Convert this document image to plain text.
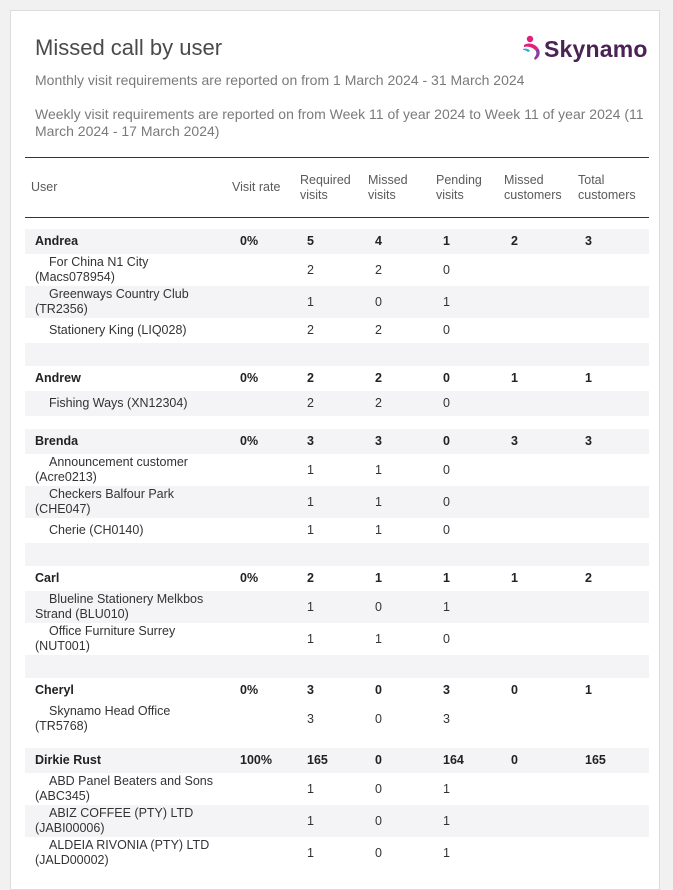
Missed call by user	Skynamo
Monthly visit requirements are reported on from 1 March 2024 - 31 March 2024
Weekly visit requirements are reported on from Week 11 of year 2024 to Week 11 of year 2024 (11 March 2024 - 17 March 2024)
User	Visit rate	Required visits	Missed visits	Pending visits	Missed customers	Total customers

Andrea	0%	5	4	1	2	3

For China N1 City (Macs078954)		2	2	0		

Greenways Country Club (TR2356)		1	0	1		

Stationery King (LIQ028)		2	2	0		

Andrew	0%	2	2	0	1	1

Fishing Ways (XN12304)		2	2	0		

Brenda	0%	3	3	0	3	3

Announcement customer (Acre0213)		1	1	0		

Checkers Balfour Park (CHE047)		1	1	0		

Cherie (CH0140)		1	1	0		

Carl	0%	2	1	1	1	2

Blueline Stationery Melkbos Strand (BLU010)		1	0	1		

Office Furniture Surrey (NUT001)		1	1	0		

Cheryl	0%	3	0	3	0	1

Skynamo Head Office (TR5768)		3	0	3		

Dirkie Rust	100%	165	0	164	0	165

ABD Panel Beaters and Sons (ABC345)		1	0	1		

ABIZ COFFEE (PTY) LTD (JABI00006)		1	0	1		

ALDEIA RIVONIA (PTY) LTD (JALD00002)		1	0	1		
